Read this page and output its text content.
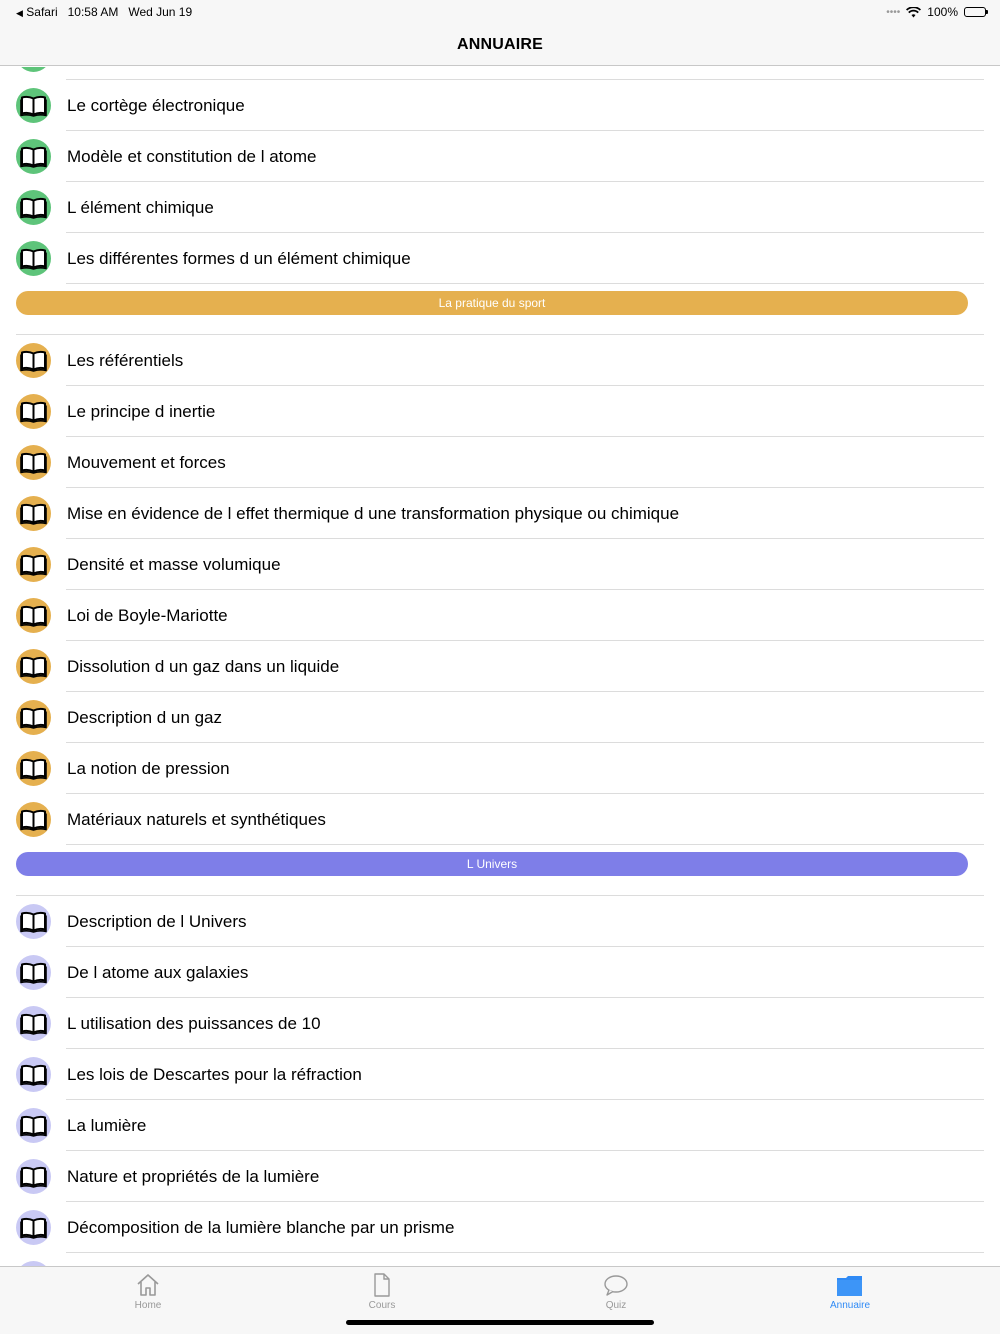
◀ Safari 10:58 AM Wed Jun 19	•••• 100%
ANNUAIRE
Le cortège électronique
Modèle et constitution de l atome
L élément chimique
Les différentes formes d un élément chimique
La pratique du sport
Les référentiels
Le principe d inertie
Mouvement et forces
Mise en évidence de l effet thermique d une transformation physique ou chimique
Densité et masse volumique
Loi de Boyle-Mariotte
Dissolution d un gaz dans un liquide
Description d un gaz
La notion de pression
Matériaux naturels et synthétiques
L Univers
Description de l Univers
De l atome aux galaxies
L utilisation des puissances de 10
Les lois de Descartes pour la réfraction
La lumière
Nature et propriétés de la lumière
Décomposition de la lumière blanche par un prisme
Home	Cours	Quiz	Annuaire
